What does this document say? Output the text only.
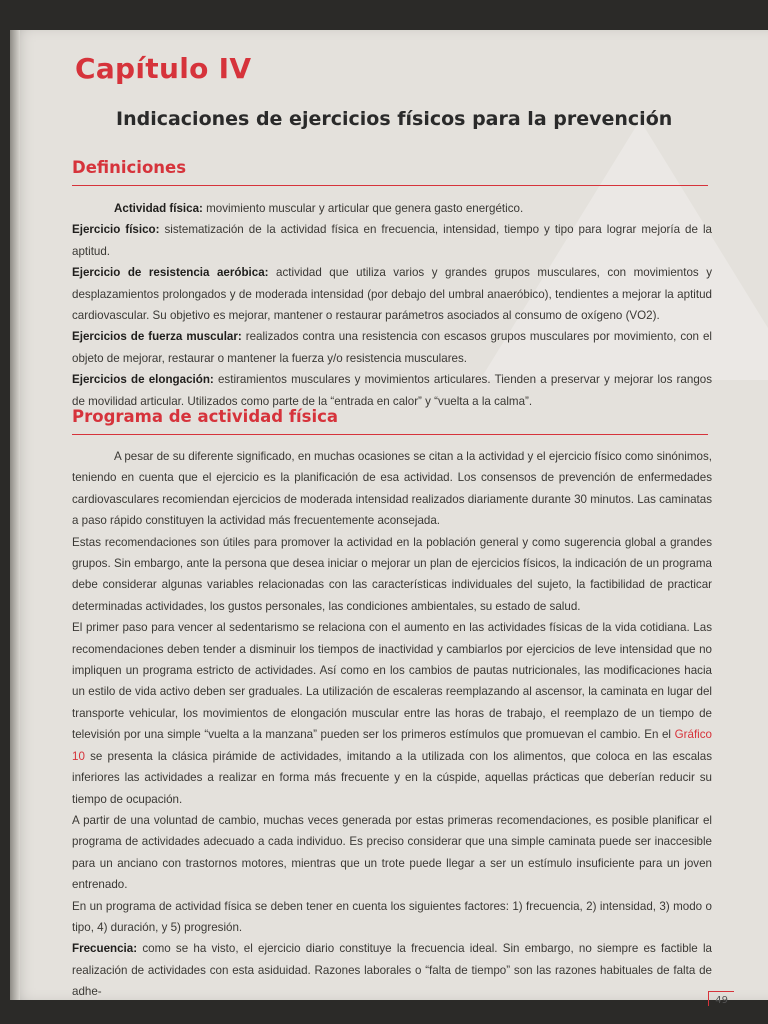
Capítulo IV
Indicaciones de ejercicios físicos para la prevención
Definiciones

Actividad física: movimiento muscular y articular que genera gasto energético.

Ejercicio físico: sistematización de la actividad física en frecuencia, intensidad, tiempo y tipo para lograr mejoría de la aptitud.

Ejercicio de resistencia aeróbica: actividad que utiliza varios y grandes grupos musculares, con movimientos y desplazamientos prolongados y de moderada intensidad (por debajo del umbral anaeróbico), tendientes a mejorar la aptitud cardiovascular. Su objetivo es mejorar, mantener o restaurar parámetros asociados al consumo de oxígeno (VO2).

Ejercicios de fuerza muscular: realizados contra una resistencia con escasos grupos musculares por movimiento, con el objeto de mejorar, restaurar o mantener la fuerza y/o resistencia musculares.

Ejercicios de elongación: estiramientos musculares y movimientos articulares. Tienden a preservar y mejorar los rangos de movilidad articular. Utilizados como parte de la “entrada en calor” y “vuelta a la calma”.

Programa de actividad física

A pesar de su diferente significado, en muchas ocasiones se citan a la actividad y el ejercicio físico como sinónimos, teniendo en cuenta que el ejercicio es la planificación de esa actividad. Los consensos de prevención de enfermedades cardiovasculares recomiendan ejercicios de moderada intensidad realizados diariamente durante 30 minutos. Las caminatas a paso rápido constituyen la actividad más frecuentemente aconsejada.

Estas recomendaciones son útiles para promover la actividad en la población general y como sugerencia global a grandes grupos. Sin embargo, ante la persona que desea iniciar o mejorar un plan de ejercicios físicos, la indicación de un programa debe considerar algunas variables relacionadas con las características individuales del sujeto, la factibilidad de practicar determinadas actividades, los gustos personales, las condiciones ambientales, su estado de salud.

El primer paso para vencer al sedentarismo se relaciona con el aumento en las actividades físicas de la vida cotidiana. Las recomendaciones deben tender a disminuir los tiempos de inactividad y cambiarlos por ejercicios de leve intensidad que no impliquen un programa estricto de actividades. Así como en los cambios de pautas nutricionales, las modificaciones hacia un estilo de vida activo deben ser graduales. La utilización de escaleras reemplazando al ascensor, la caminata en lugar del transporte vehicular, los movimientos de elongación muscular entre las horas de trabajo, el reemplazo de un tiempo de televisión por una simple “vuelta a la manzana” pueden ser los primeros estímulos que promuevan el cambio. En el Gráfico 10 se presenta la clásica pirámide de actividades, imitando a la utilizada con los alimentos, que coloca en las escalas inferiores las actividades a realizar en forma más frecuente y en la cúspide, aquellas prácticas que deberían reducir su tiempo de ocupación.

A partir de una voluntad de cambio, muchas veces generada por estas primeras recomendaciones, es posible planificar el programa de actividades adecuado a cada individuo. Es preciso considerar que una simple caminata puede ser inaccesible para un anciano con trastornos motores, mientras que un trote puede llegar a ser un estímulo insuficiente para un joven entrenado.

En un programa de actividad física se deben tener en cuenta los siguientes factores: 1) frecuencia, 2) intensidad, 3) modo o tipo, 4) duración, y 5) progresión.

Frecuencia: como se ha visto, el ejercicio diario constituye la frecuencia ideal. Sin embargo, no siempre es factible la realización de actividades con esta asiduidad. Razones laborales o “falta de tiempo” son las razones habituales de falta de adhe-

49
